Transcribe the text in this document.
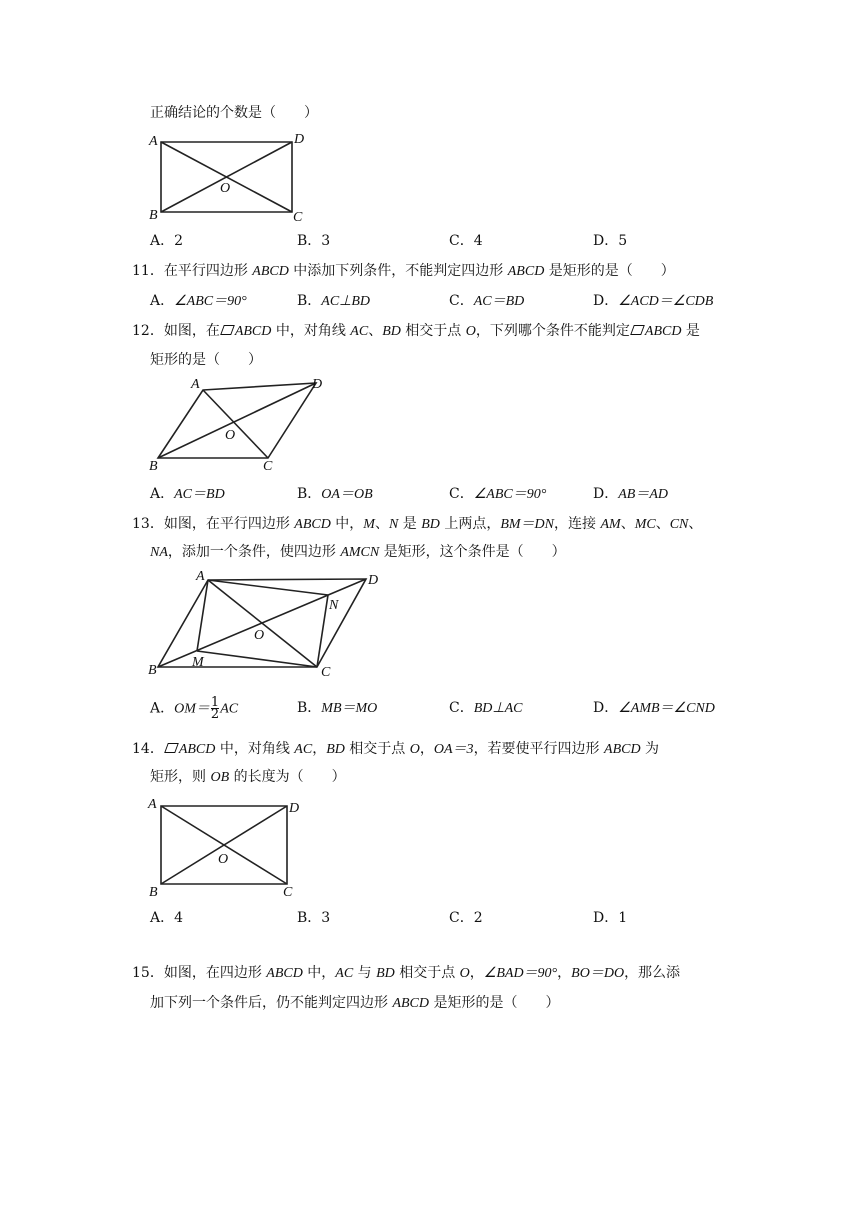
正确结论的个数是（　　）
A	D
B	C
O
A．2	B．3	C．4	D．5
11．在平行四边形 ABCD 中添加下列条件，不能判定四边形 ABCD 是矩形的是（　　）
A．∠ABC＝90°	B．AC⊥BD	C．AC＝BD	D．∠ACD＝∠CDB
12．如图，在 ABCD 中，对角线 AC、BD 相交于点 O，下列哪个条件不能判定 ABCD 是
矩形的是（　　）
A	D
B	C
O
A．AC＝BD	B．OA＝OB	C．∠ABC＝90°	D．AB＝AD
13．如图，在平行四边形 ABCD 中，M、N 是 BD 上两点，BM＝DN，连接 AM、MC、CN、
NA，添加一个条件，使四边形 AMCN 是矩形，这个条件是（　　）
A	D
B	C
O
M
N
A．$OM= \frac{1}{2}$ AC	B．MB＝MO	C．BD⊥AC	D．∠AMB＝∠CND
14． ABCD 中，对角线 AC，BD 相交于点 O，OA＝3，若要使平行四边形 ABCD 为
矩形，则 OB 的长度为（　　）
A	D
B	C
O
A．4	B．3	C．2	D．1
15．如图，在四边形 ABCD 中，AC 与 BD 相交于点 O，∠BAD＝90°，BO＝DO，那么添
加下列一个条件后，仍不能判定四边形 ABCD 是矩形的是（　　）
